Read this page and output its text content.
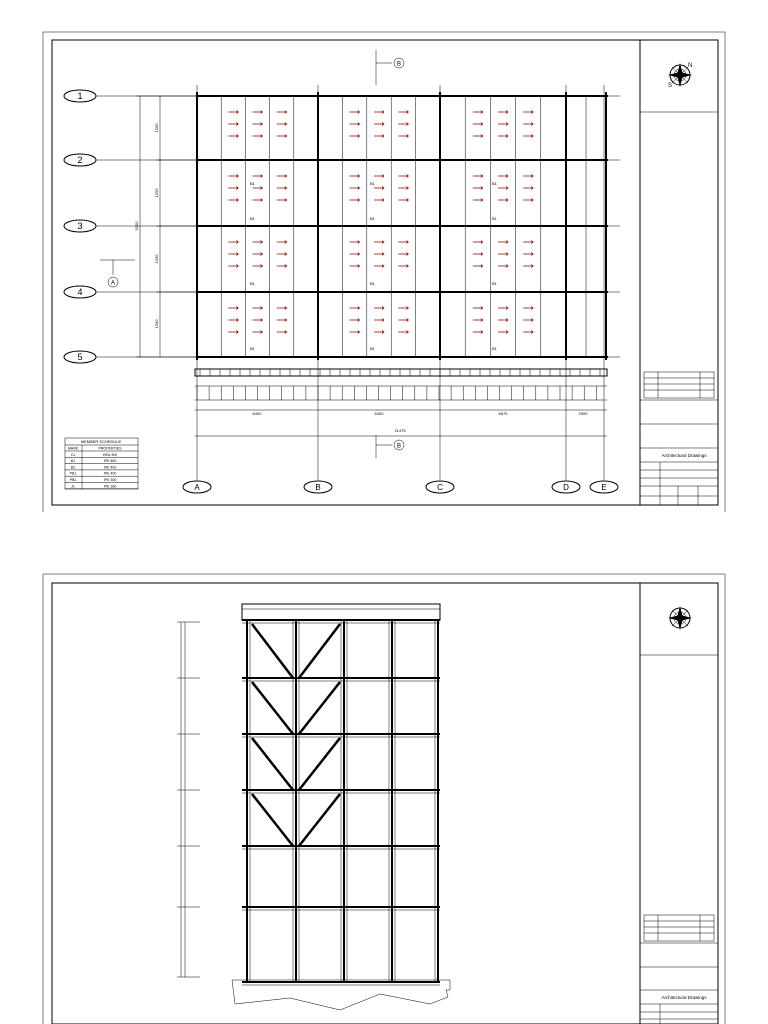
N
S
Architectural Drawings
B1	B1	B1
B1	B1	B1
B1	B1	B1
B1	B1	B1
1
2
3
4
5
A	B	C	D	E
B
B
A
1250
1250
1250
1250
5000
6400	6400	6675	2000
21475
MEMBER SCHEDULE
MARK	PROPERTIES
C1	HEA 300
B1	IPE 600
B2	IPE 400
PB1	IPE 400
PB2	IPE 300
J1	IPE 160
Architectural Drawings
